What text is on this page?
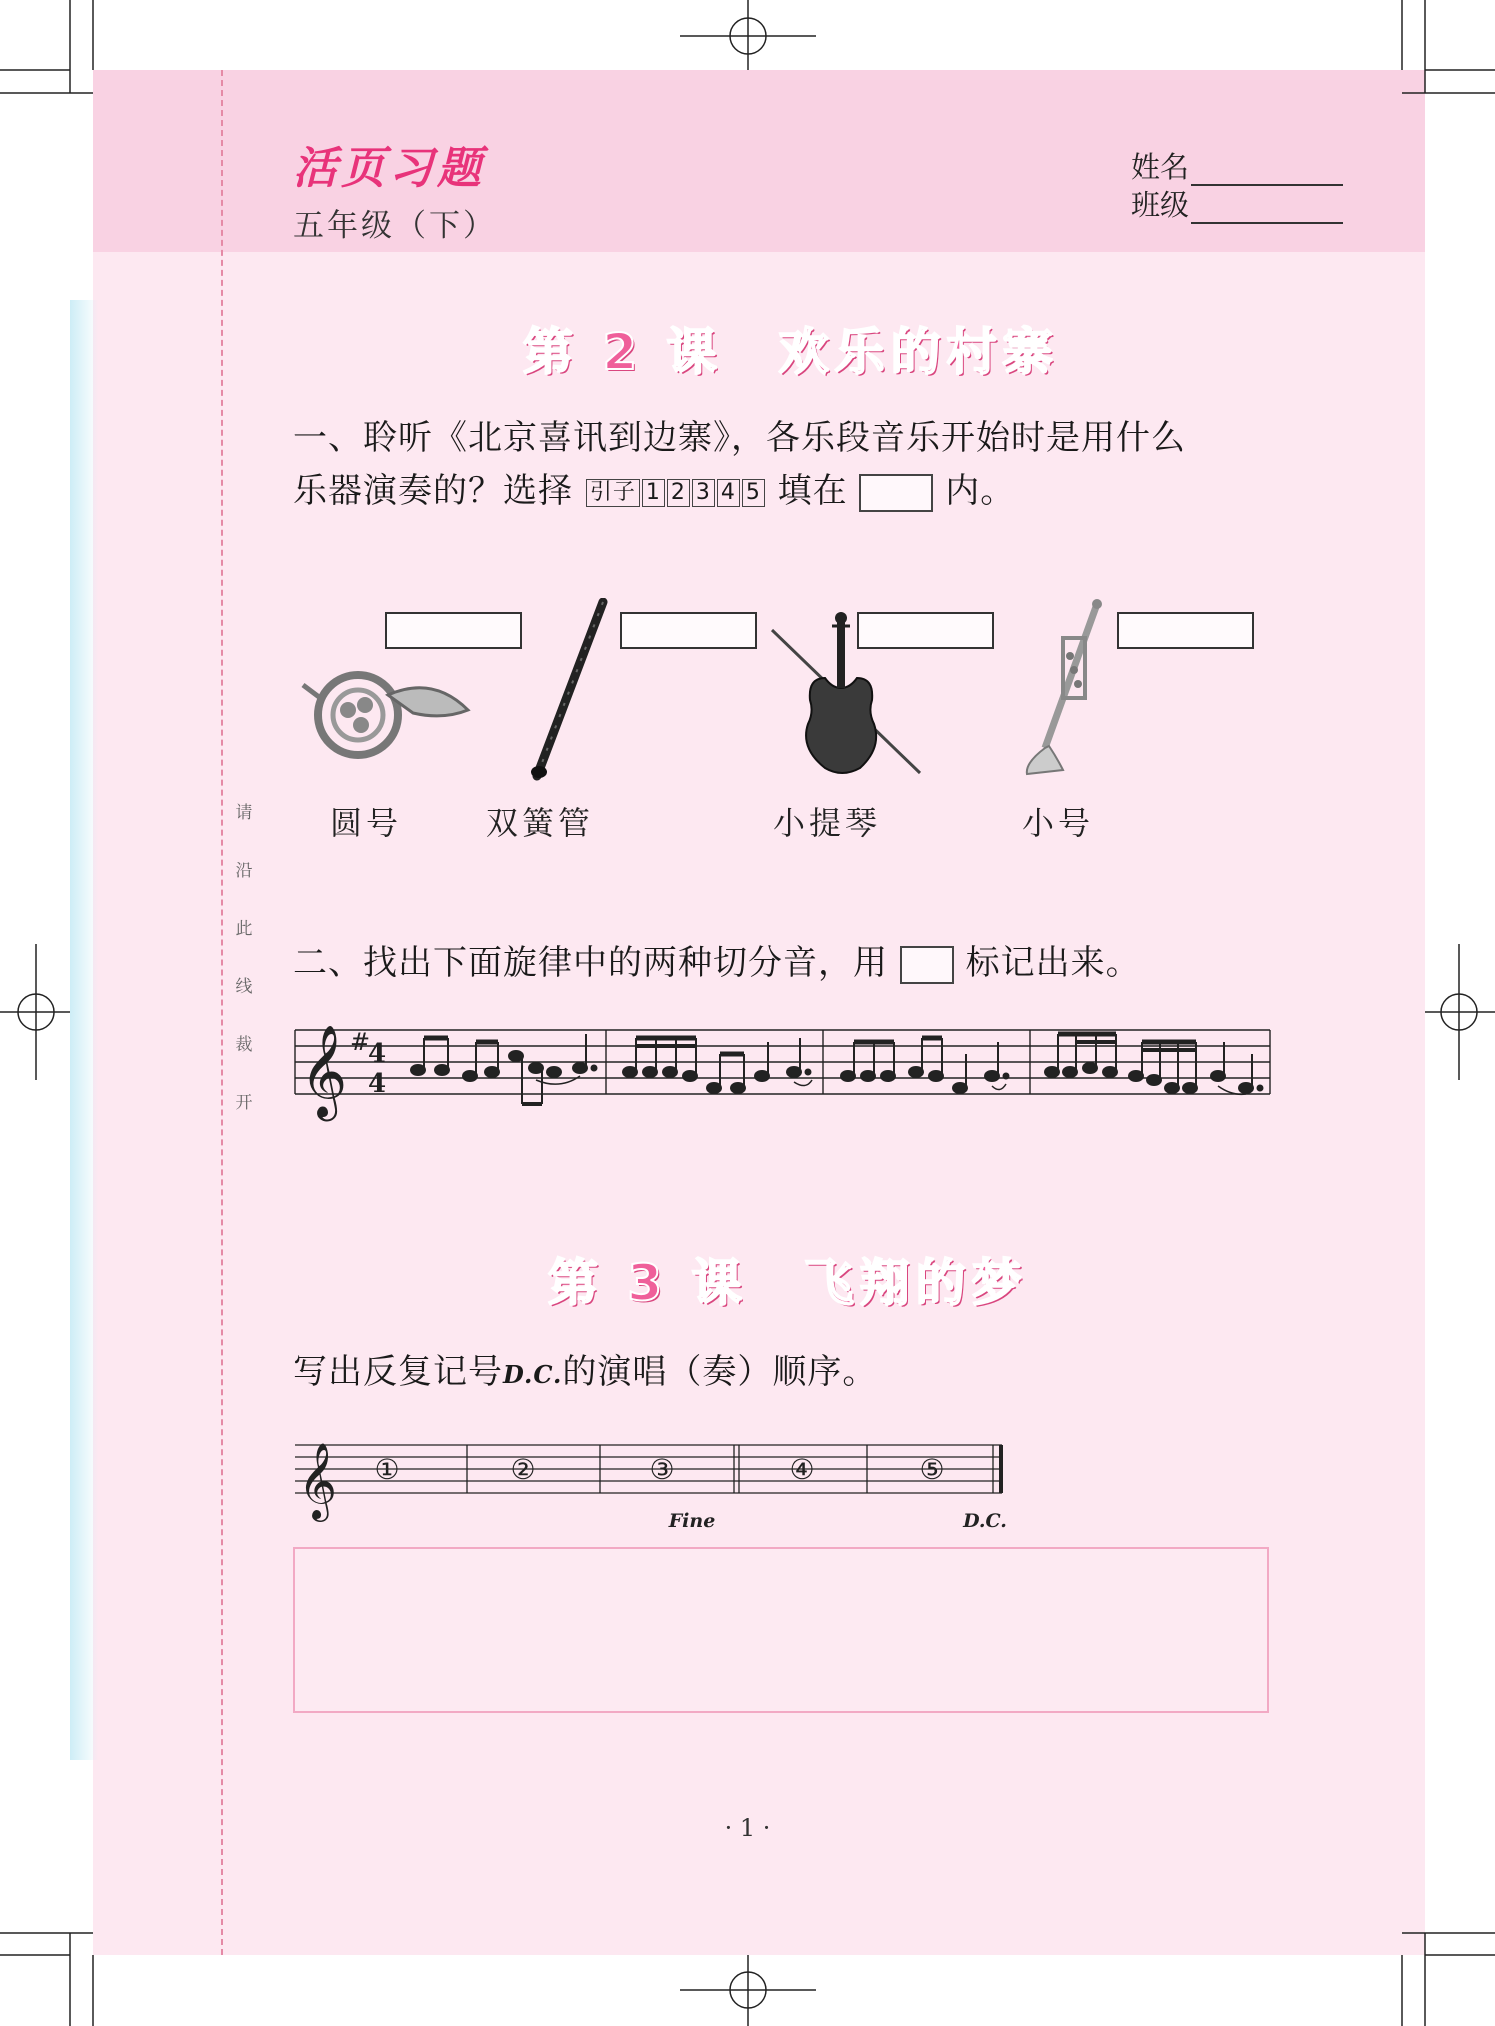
活页习题
五年级（下）
姓名
班级
请
沿
此
线
裁
开
第 2 课　欢乐的村寨
一、聆听《北京喜讯到边寨》，各乐段音乐开始时是用什么
乐器演奏的？选择 引子 1 2 3 4 5 填在	内。
圆号	双簧管	小提琴	小号
二、找出下面旋律中的两种切分音，用 标记出来。
𝄞 #
4
4
第 3 课　飞翔的梦
写出反复记号D.C.的演唱（奏）顺序。
𝄞 ①	②	③	④	⑤
Fine	D.C.
· 1 ·
